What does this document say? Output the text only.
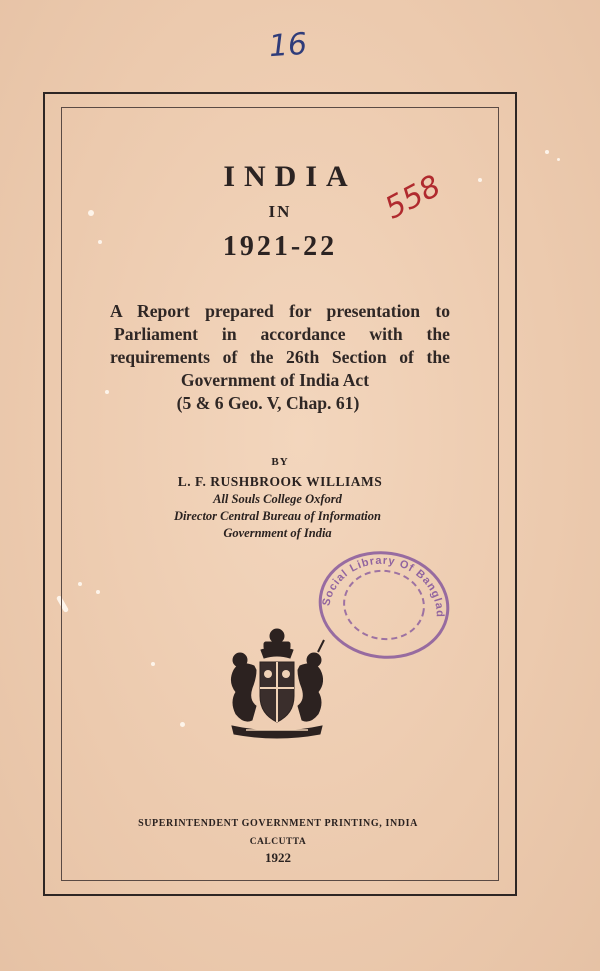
16
558
INDIA
IN
1921-22
A Report prepared for presentation to
Parliament in accordance with the
requirements of the 26th Section of the
Government of India Act
(5 & 6 Geo. V, Chap. 61)
BY
L. F. RUSHBROOK WILLIAMS
All Souls College Oxford
Director Central Bureau of Information
Government of India
Social Library Of Bangladesh
SUPERINTENDENT GOVERNMENT PRINTING, INDIA
CALCUTTA
1922
